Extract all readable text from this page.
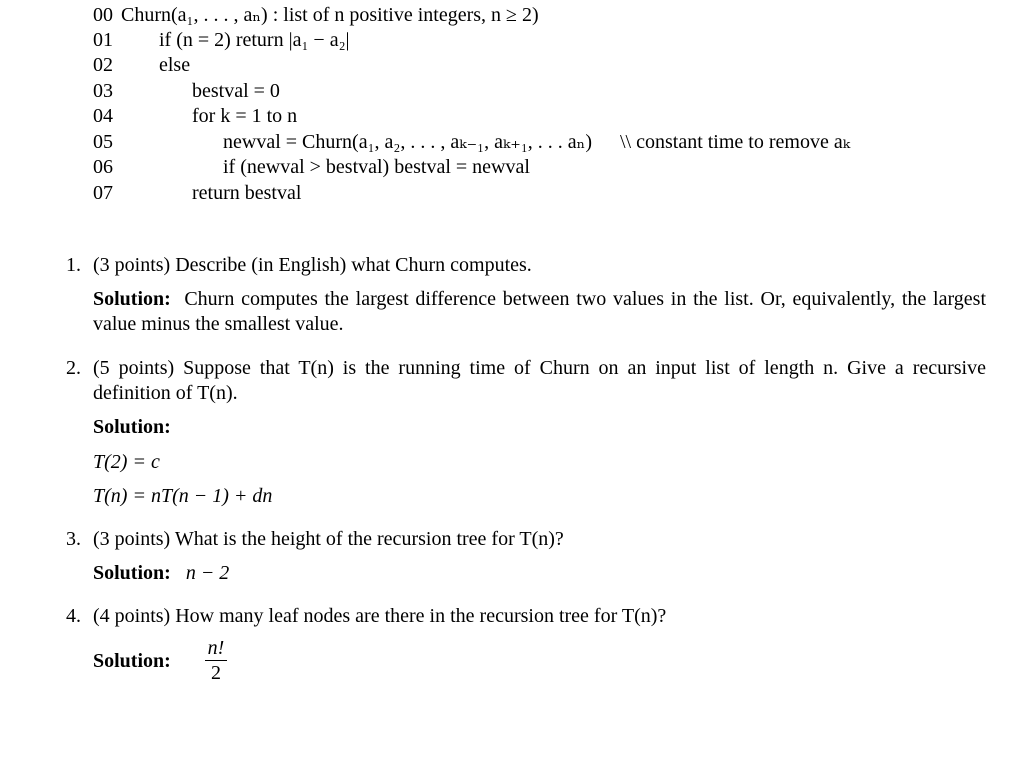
00 Churn(a₁, . . . , aₙ) : list of n positive integers, n ≥ 2)
01 if (n = 2) return |a₁ − a₂|
02 else
03	bestval = 0
04	for k = 1 to n
05	newval = Churn(a₁, a₂, . . . , aₖ₋₁, aₖ₊₁, . . . aₙ) \\ constant time to remove aₖ
06	if (newval > bestval) bestval = newval
07	return bestval
1. (3 points) Describe (in English) what Churn computes.
Solution: Churn computes the largest difference between two values in the list. Or, equivalently, the largest value minus the smallest value.
2. (5 points) Suppose that T(n) is the running time of Churn on an input list of length n. Give a recursive definition of T(n).
Solution:
T(2) = c
T(n) = nT(n − 1) + dn
3. (3 points) What is the height of the recursion tree for T(n)?
Solution: n − 2
4. (4 points) How many leaf nodes are there in the recursion tree for T(n)?
Solution:	$\frac{n!}{2}$
